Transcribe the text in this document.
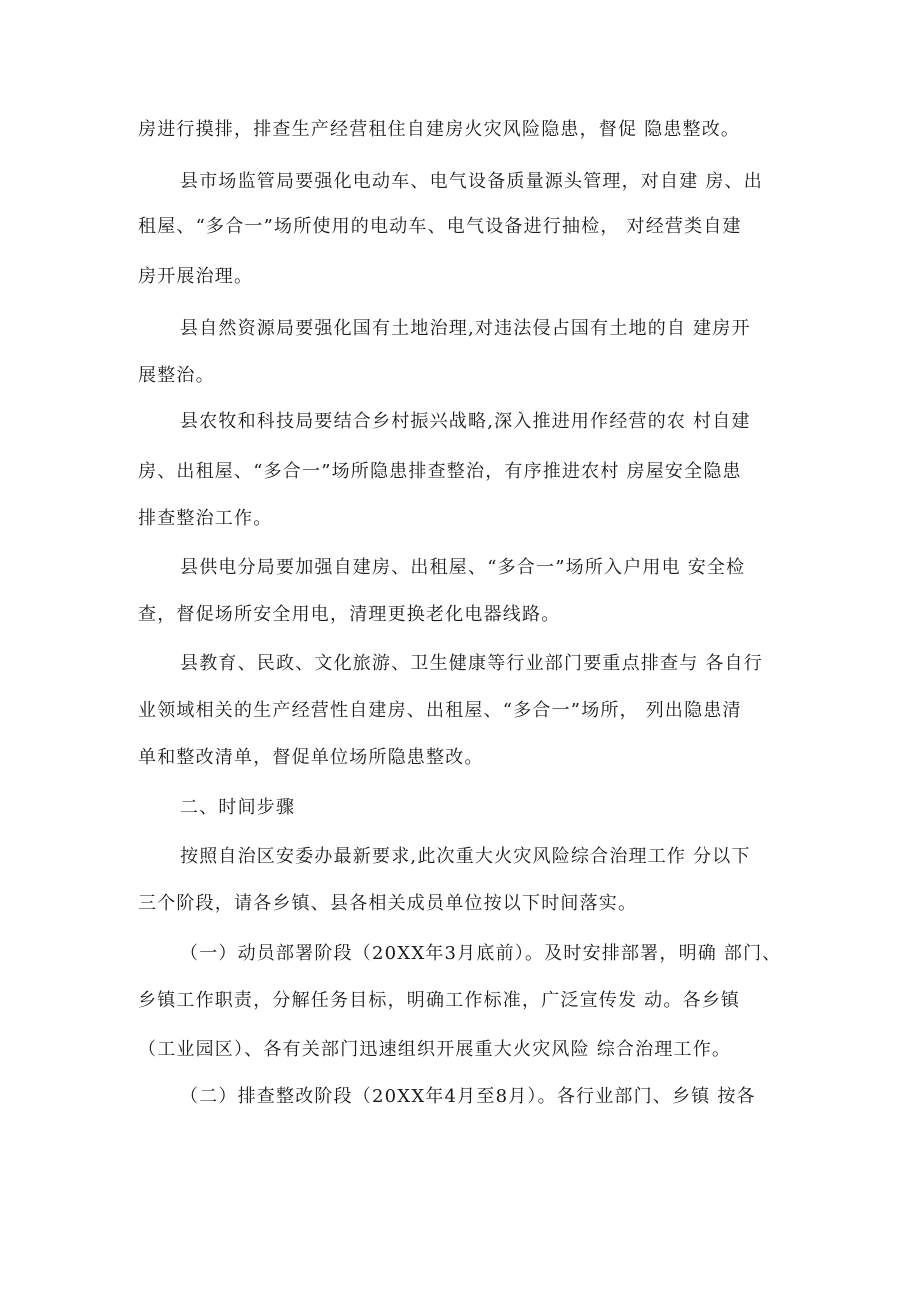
房进行摸排，排查生产经营租住自建房火灾风险隐患，督促 隐患整改。
县市场监管局要强化电动车、电气设备质量源头管理，对自建 房、出
租屋、“多合一”场所使用的电动车、电气设备进行抽检， 对经营类自建
房开展治理。
县自然资源局要强化国有土地治理,对违法侵占国有土地的自 建房开
展整治。
县农牧和科技局要结合乡村振兴战略,深入推进用作经营的农 村自建
房、出租屋、“多合一”场所隐患排查整治，有序推进农村 房屋安全隐患
排查整治工作。
县供电分局要加强自建房、出租屋、“多合一”场所入户用电 安全检
查，督促场所安全用电，清理更换老化电器线路。
县教育、民政、文化旅游、卫生健康等行业部门要重点排查与 各自行
业领域相关的生产经营性自建房、出租屋、“多合一”场所， 列出隐患清
单和整改清单，督促单位场所隐患整改。
二、时间步骤
按照自治区安委办最新要求,此次重大火灾风险综合治理工作 分以下
三个阶段，请各乡镇、县各相关成员单位按以下时间落实。
（一）动员部署阶段（20XX年3月底前）。及时安排部署，明确 部门、
乡镇工作职责，分解任务目标，明确工作标准，广泛宣传发 动。各乡镇
（工业园区）、各有关部门迅速组织开展重大火灾风险 综合治理工作。
（二）排查整改阶段（20XX年4月至8月）。各行业部门、乡镇 按各
